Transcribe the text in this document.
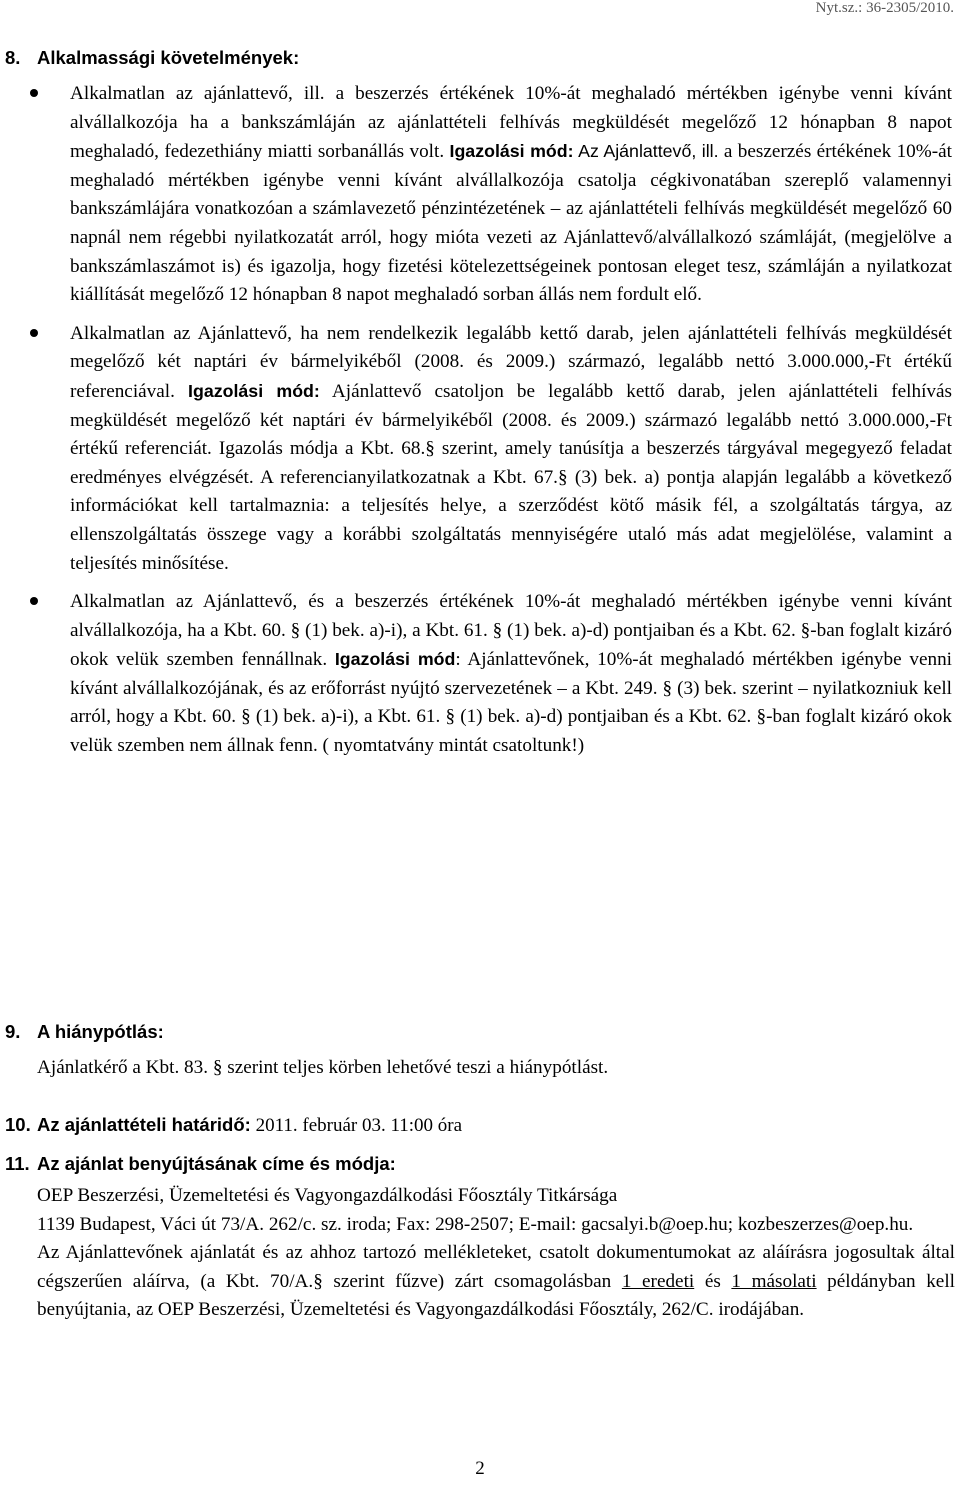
Nyt.sz.: 36-2305/2010.

8. Alkalmassági követelmények:

Alkalmatlan az ajánlattevő, ill. a beszerzés értékének 10%-át meghaladó mértékben igénybe venni kívánt alvállalkozója ha a bankszámláján az ajánlattételi felhívás megküldését megelőző 12 hónapban 8 napot meghaladó, fedezethiány miatti sorbanállás volt. Igazolási mód: Az Ajánlattevő, ill. a beszerzés értékének 10%-át meghaladó mértékben igénybe venni kívánt alvállalkozója csatolja cégkivonatában szereplő valamennyi bankszámlájára vonatkozóan a számlavezető pénzintézetének – az ajánlattételi felhívás megküldését megelőző 60 napnál nem régebbi nyilatkozatát arról, hogy mióta vezeti az Ajánlattevő/alvállalkozó számláját, (megjelölve a bankszámlaszámot is) és igazolja, hogy fizetési kötelezettségeinek pontosan eleget tesz, számláján a nyilatkozat kiállítását megelőző 12 hónapban 8 napot meghaladó sorban állás nem fordult elő.

Alkalmatlan az Ajánlattevő, ha nem rendelkezik legalább kettő darab, jelen ajánlattételi felhívás megküldését megelőző két naptári év bármelyikéből (2008. és 2009.) származó, legalább nettó 3.000.000,-Ft értékű referenciával. Igazolási mód: Ajánlattevő csatoljon be legalább kettő darab, jelen ajánlattételi felhívás megküldését megelőző két naptári év bármelyikéből (2008. és 2009.) származó legalább nettó 3.000.000,-Ft értékű referenciát. Igazolás módja a Kbt. 68.§ szerint, amely tanúsítja a beszerzés tárgyával megegyező feladat eredményes elvégzését. A referencianyilatkozatnak a Kbt. 67.§ (3) bek. a) pontja alapján legalább a következő információkat kell tartalmaznia: a teljesítés helye, a szerződést kötő másik fél, a szolgáltatás tárgya, az ellenszolgáltatás összege vagy a korábbi szolgáltatás mennyiségére utaló más adat megjelölése, valamint a teljesítés minősítése.

Alkalmatlan az Ajánlattevő, és a beszerzés értékének 10%-át meghaladó mértékben igénybe venni kívánt alvállalkozója, ha a Kbt. 60. § (1) bek. a)-i), a Kbt. 61. § (1) bek. a)-d) pontjaiban és a Kbt. 62. §-ban foglalt kizáró okok velük szemben fennállnak. Igazolási mód: Ajánlattevőnek, 10%-át meghaladó mértékben igénybe venni kívánt alvállalkozójának, és az erőforrást nyújtó szervezetének – a Kbt. 249. § (3) bek. szerint – nyilatkozniuk kell arról, hogy a Kbt. 60. § (1) bek. a)-i), a Kbt. 61. § (1) bek. a)-d) pontjaiban és a Kbt. 62. §-ban foglalt kizáró okok velük szemben nem állnak fenn. ( nyomtatvány mintát csatoltunk!)

9. A hiánypótlás:

Ajánlatkérő a Kbt. 83. § szerint teljes körben lehetővé teszi a hiánypótlást.

10. Az ajánlattételi határidő: 2011. február 03. 11:00 óra

11. Az ajánlat benyújtásának címe és módja:

OEP Beszerzési, Üzemeltetési és Vagyongazdálkodási Főosztály Titkársága

1139 Budapest, Váci út 73/A. 262/c. sz. iroda; Fax: 298-2507; E-mail: gacsalyi.b@oep.hu; kozbeszerzes@oep.hu.

Az Ajánlattevőnek ajánlatát és az ahhoz tartozó mellékleteket, csatolt dokumentumokat az aláírásra jogosultak által cégszerűen aláírva, (a Kbt. 70/A.§ szerint fűzve) zárt csomagolásban 1 eredeti és 1 másolati példányban kell benyújtania, az OEP Beszerzési, Üzemeltetési és Vagyongazdálkodási Főosztály, 262/C. irodájában.

2
